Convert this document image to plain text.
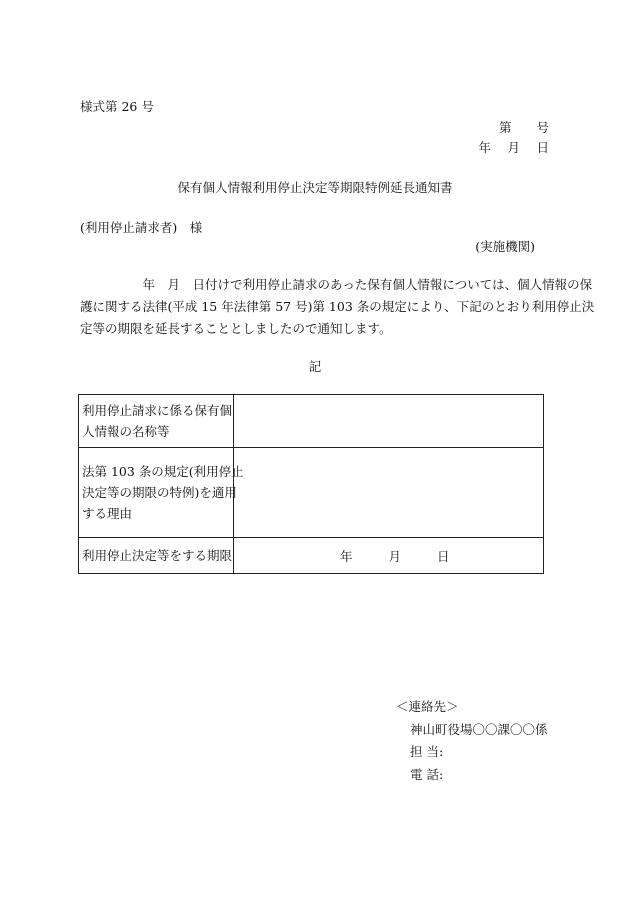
様式第 26 号
第　　号
年　 月　 日
保有個人情報利用停止決定等期限特例延長通知書
(利用停止請求者)　様
(実施機関)
　　　　　年　月　日付けで利用停止請求のあった保有個人情報については、個人情報の保
護に関する法律(平成 15 年法律第 57 号)第 103 条の規定により、下記のとおり利用停止決
定等の期限を延長することとしましたので通知します。
記
利用停止請求に係る保有個
人情報の名称等	

法第 103 条の規定(利用停止
決定等の期限の特例)を適用
する理由	

利用停止決定等をする期限	年 月 日
＜連絡先＞
神山町役場〇〇課〇〇係
担 当:
電 話:
